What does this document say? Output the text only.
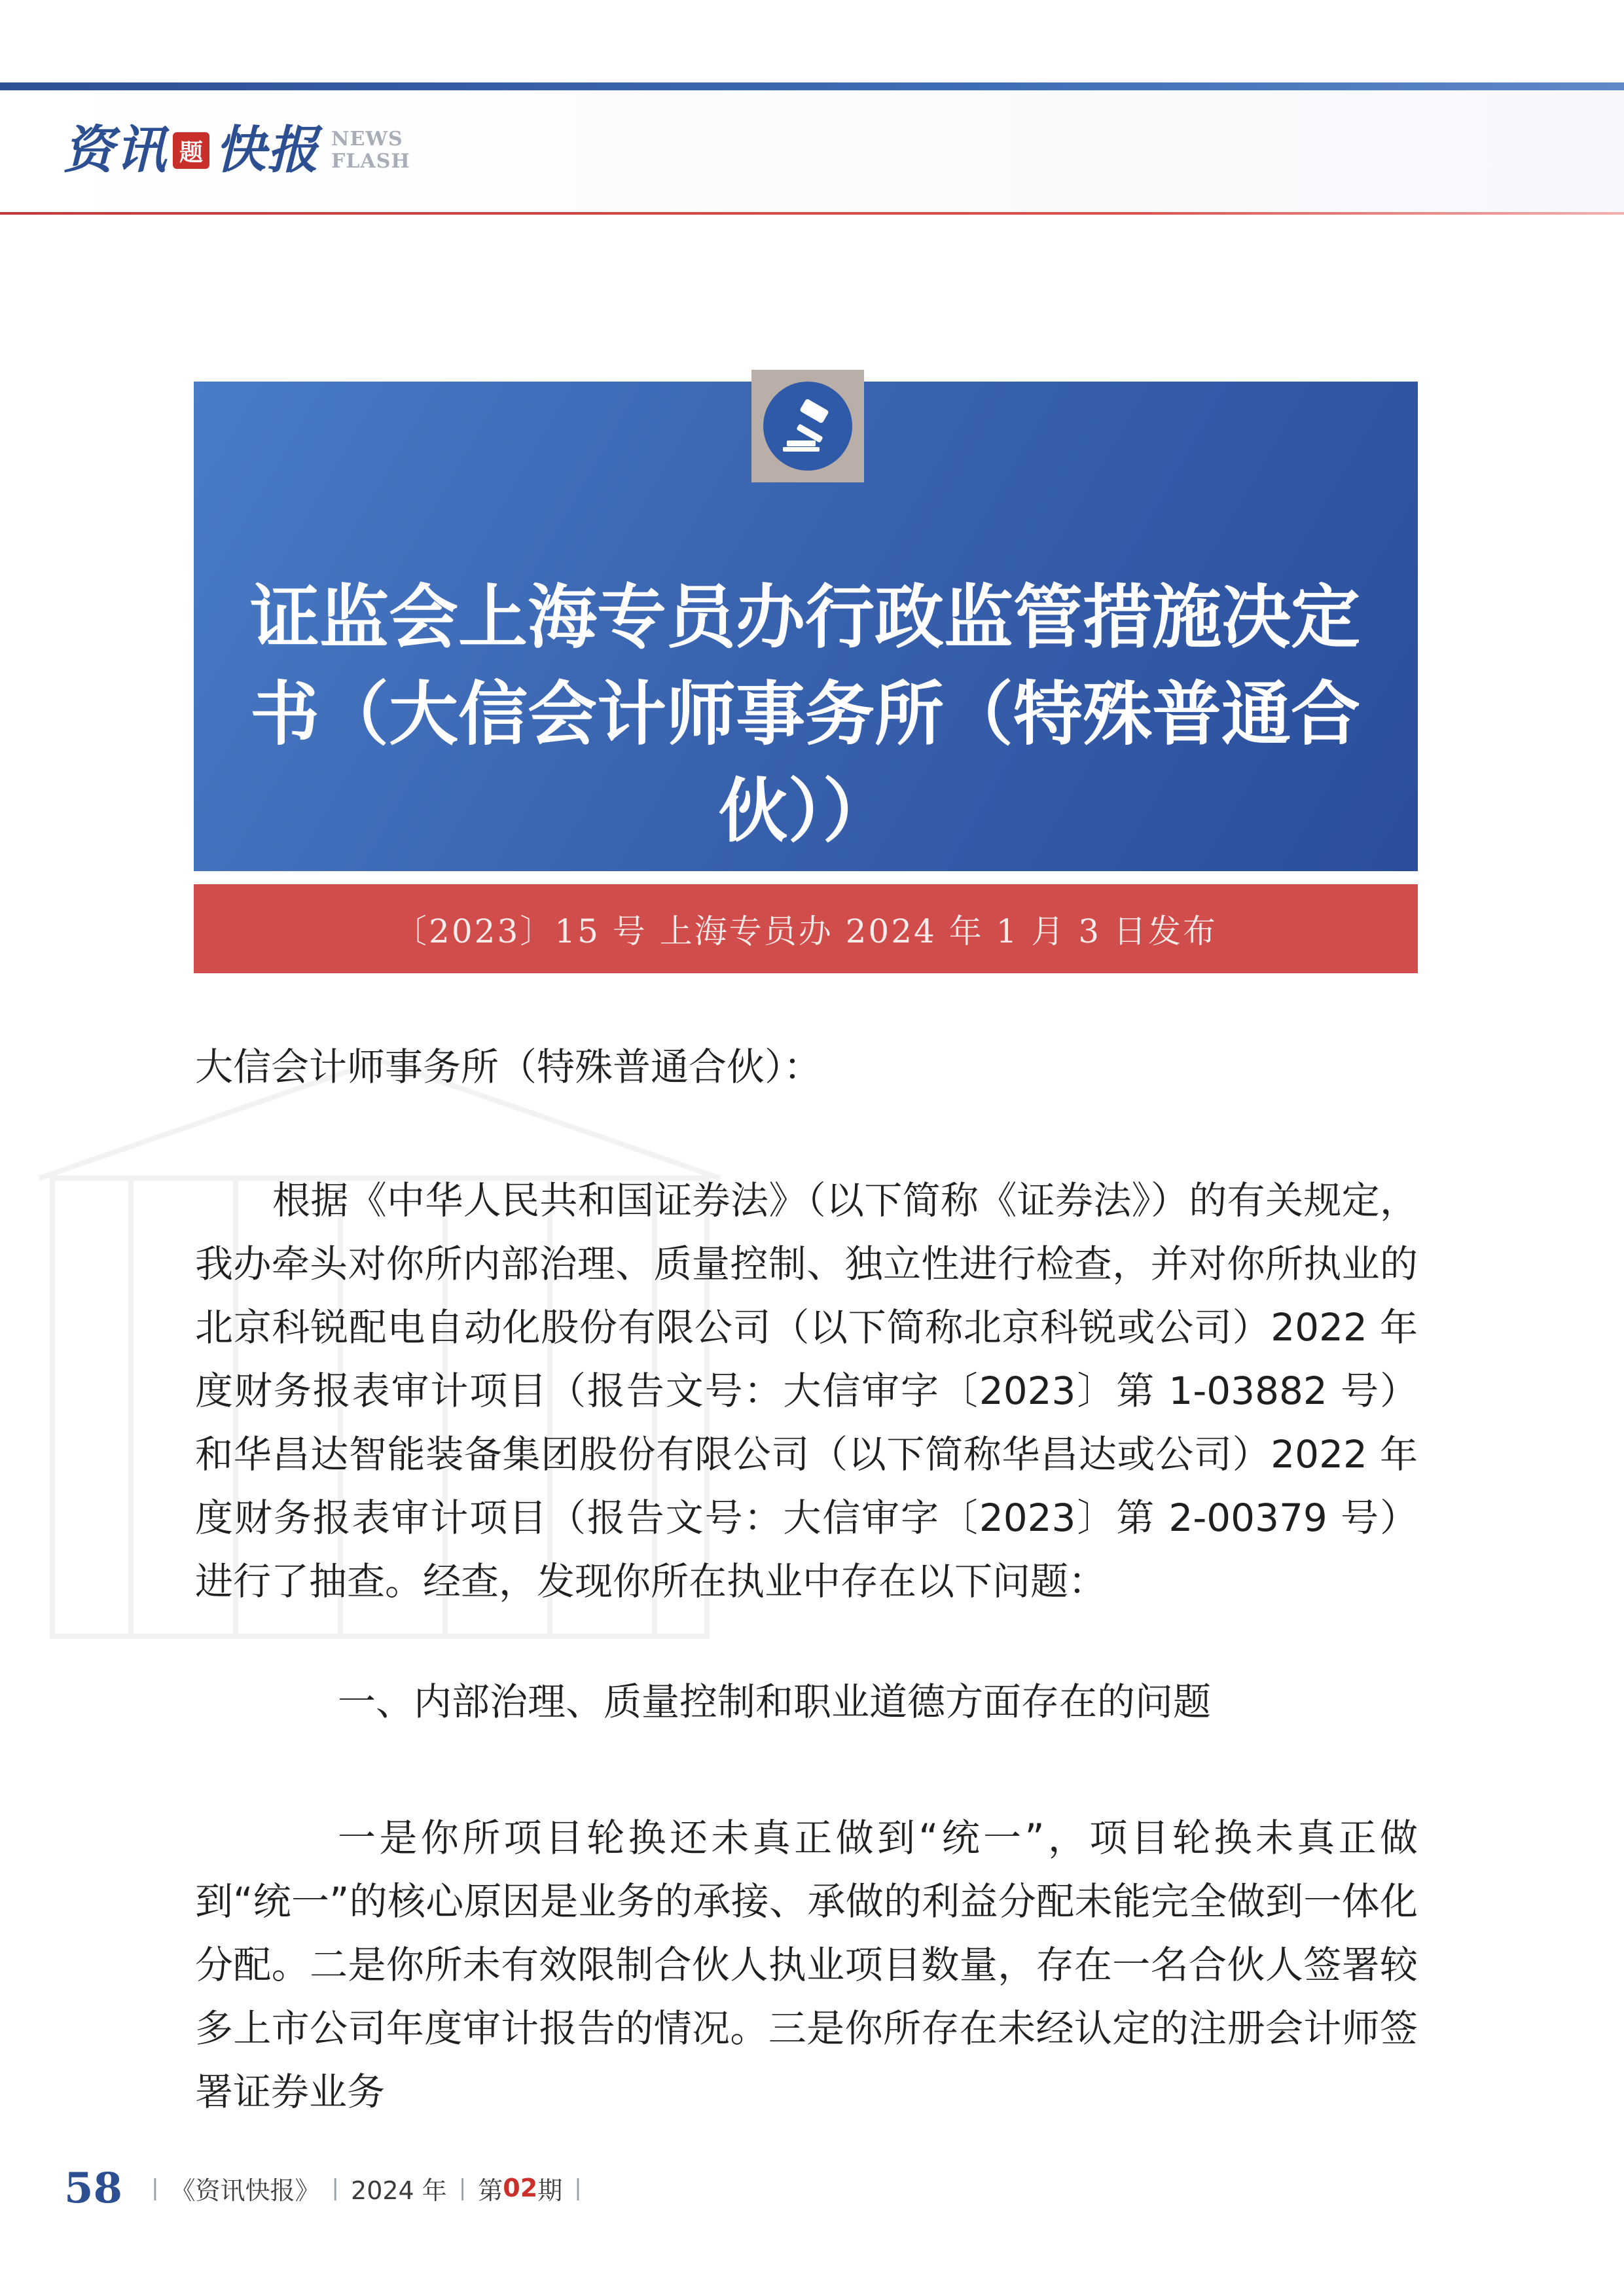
资讯 题 快报 NEWS
FLASH
证监会上海专员办行政监管措施决定书（大信会计师事务所（特殊普通合伙））
〔2023〕15 号 上海专员办 2024 年 1 月 3 日发布
大信会计师事务所（特殊普通合伙）：
根据《中华人民共和国证券法》（以下简称《证券法》）的有关规定，我办牵头对你所内部治理、质量控制、独立性进行检查，并对你所执业的北京科锐配电自动化股份有限公司（以下简称北京科锐或公司）2022 年度财务报表审计项目（报告文号：大信审字〔2023〕第 1-03882 号）和华昌达智能装备集团股份有限公司（以下简称华昌达或公司）2022 年度财务报表审计项目（报告文号：大信审字〔2023〕第 2-00379 号）进行了抽查。经查，发现你所在执业中存在以下问题：
一、内部治理、质量控制和职业道德方面存在的问题
一是你所项目轮换还未真正做到“统一”，项目轮换未真正做到“统一”的核心原因是业务的承接、承做的利益分配未能完全做到一体化分配。二是你所未有效限制合伙人执业项目数量，存在一名合伙人签署较多上市公司年度审计报告的情况。三是你所存在未经认定的注册会计师签署证券业务
58 | 《资讯快报》 | 2024 年 | 第 02 期 |
